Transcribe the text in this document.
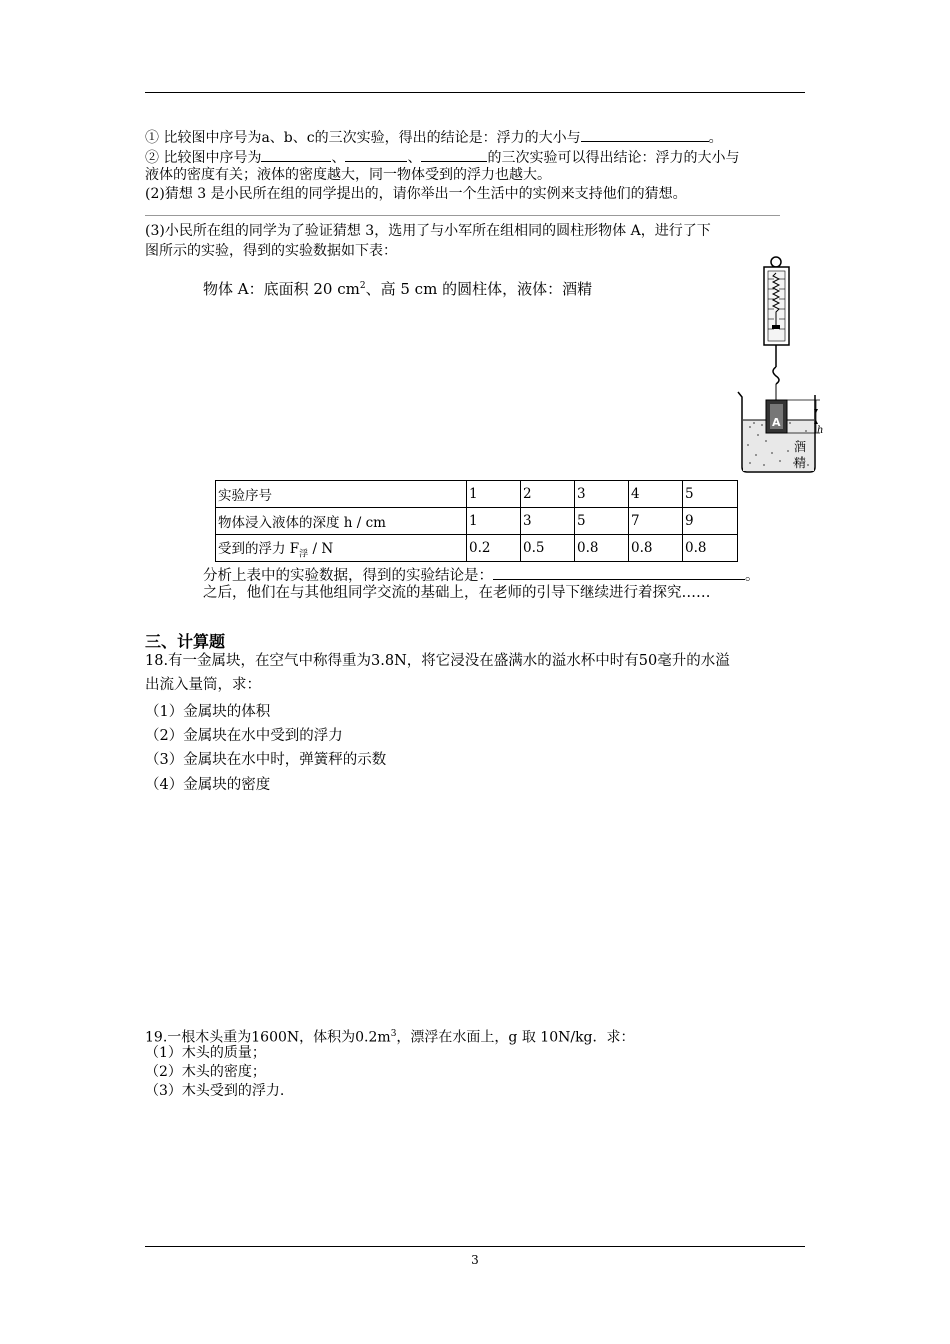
① 比较图中序号为a、b、c的三次实验，得出的结论是：浮力的大小与	。
② 比较图中序号为	、	、	的三次实验可以得出结论：浮力的大小与
液体的密度有关；液体的密度越大，同一物体受到的浮力也越大。
(2)猜想 3 是小民所在组的同学提出的，请你举出一个生活中的实例来支持他们的猜想。
(3)小民所在组的同学为了验证猜想 3，选用了与小军所在组相同的圆柱形物体 A，进行了下
图所示的实验，得到的实验数据如下表：
物体 A：底面积 20 $cm^2$、高 5 cm 的圆柱体，液体：酒精
A
h
酒
精
实验序号	1	2	3	4	5
物体浸入液体的深度 h / cm	1	3	5	7	9
受到的浮力 $F_浮$ / N	0.2	0.5	0.8	0.8	0.8
分析上表中的实验数据，得到的实验结论是：	。
之后，他们在与其他组同学交流的基础上，在老师的引导下继续进行着探究……
三、计算题
18.有一金属块，在空气中称得重为3.8N，将它浸没在盛满水的溢水杯中时有50毫升的水溢
出流入量筒，求：
（1）金属块的体积
（2）金属块在水中受到的浮力
（3）金属块在水中时，弹簧秤的示数
（4）金属块的密度
19.一根木头重为1600N，体积为$0.2m^3$，漂浮在水面上，g 取 10N/kg．求：
（1）木头的质量；
（2）木头的密度；
（3）木头受到的浮力.
3
